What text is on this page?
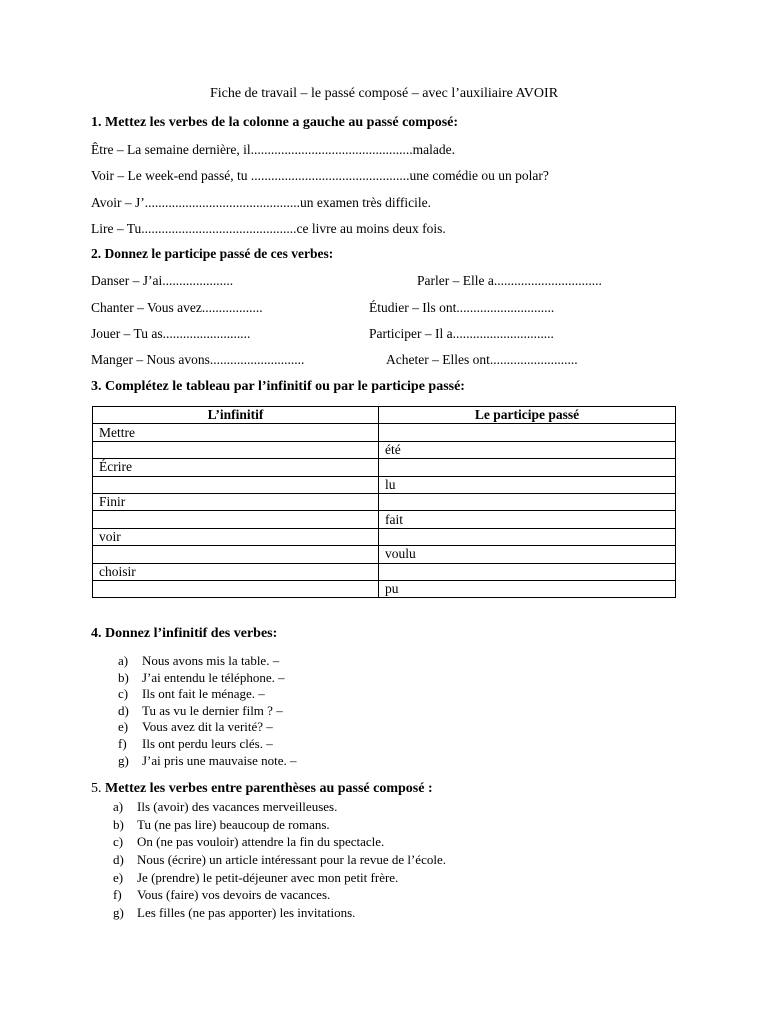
Fiche de travail – le passé composé – avec l’auxiliaire AVOIR
1. Mettez les verbes de la colonne a gauche au passé composé:
Être – La semaine dernière, il................................................malade.
Voir – Le week-end passé, tu ...............................................une comédie ou un polar?
Avoir – J’..............................................un examen très difficile.
Lire – Tu..............................................ce livre au moins deux fois.
2. Donnez le participe passé de ces verbes:
Danser – J’ai.....................	Parler – Elle a................................
Chanter – Vous avez..................	Étudier – Ils ont.............................
Jouer – Tu as..........................	Participer – Il a..............................
Manger – Nous avons............................	Acheter – Elles ont..........................
3. Complétez le tableau par l’infinitif ou par le participe passé:
L’infinitif	Le participe passé
Mettre	
	été
Écrire	
	lu
Finir	
	fait
voir	
	voulu
choisir	
	pu
4. Donnez l’infinitif des verbes:
a) Nous avons mis la table. –
b) J’ai entendu le téléphone. –
c) Ils ont fait le ménage. –
d) Tu as vu le dernier film ? –
e) Vous avez dit la verité? –
f) Ils ont perdu leurs clés. –
g) J’ai pris une mauvaise note. –
5. Mettez les verbes entre parenthèses au passé composé :
a) Ils (avoir) des vacances merveilleuses.
b) Tu (ne pas lire) beaucoup de romans.
c) On (ne pas vouloir) attendre la fin du spectacle.
d) Nous (écrire) un article intéressant pour la revue de l’école.
e) Je (prendre) le petit-déjeuner avec mon petit frère.
f) Vous (faire) vos devoirs de vacances.
g) Les filles (ne pas apporter) les invitations.
